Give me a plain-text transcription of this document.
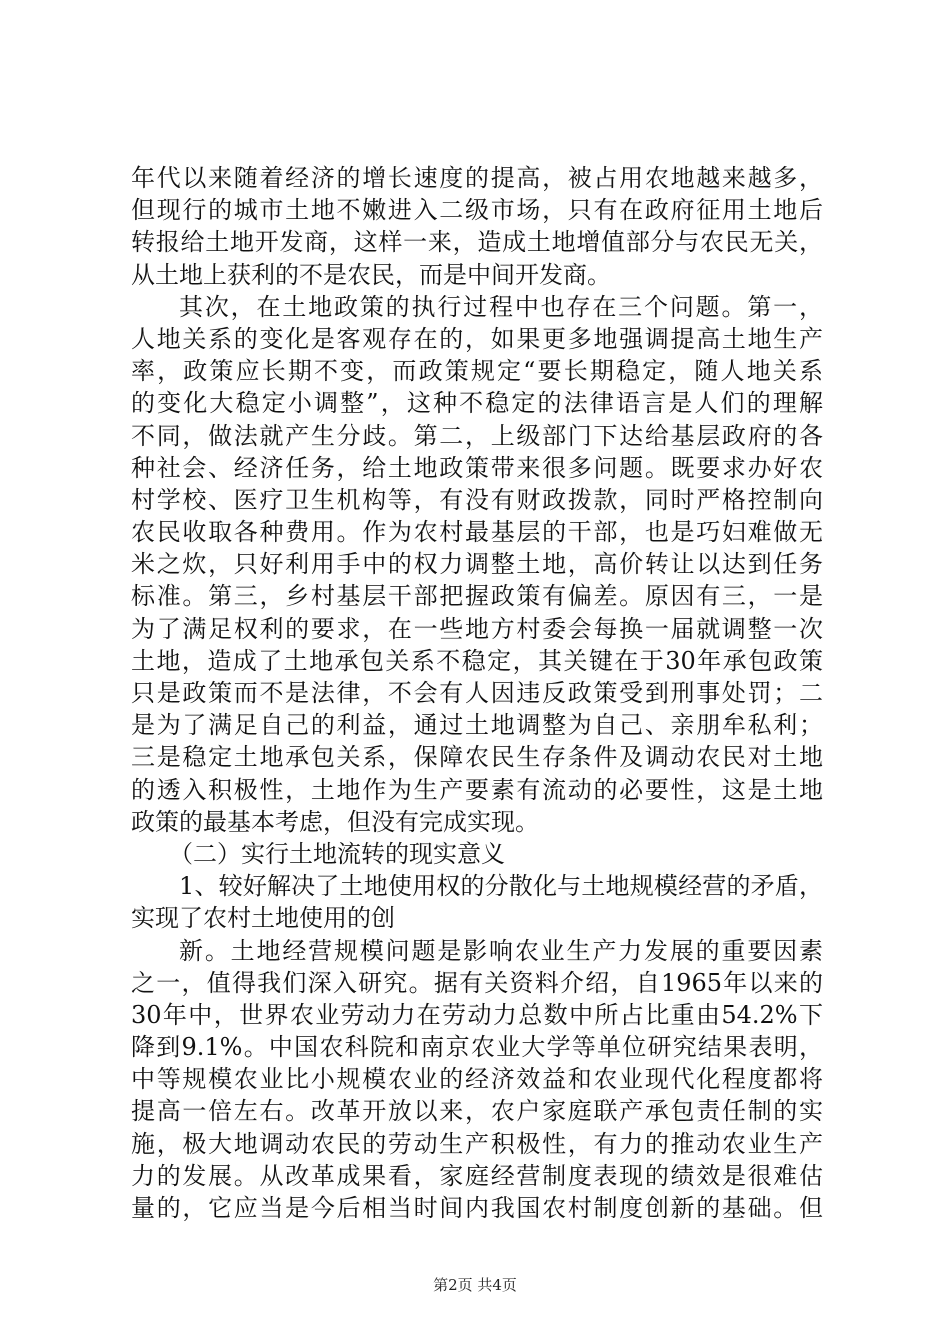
年代以来随着经济的增长速度的提高，被占用农地越来越多，
但现行的城市土地不嫩进入二级市场，只有在政府征用土地后
转报给土地开发商，这样一来，造成土地增值部分与农民无关，
从土地上获利的不是农民，而是中间开发商。
其次，在土地政策的执行过程中也存在三个问题。第一，
人地关系的变化是客观存在的，如果更多地强调提高土地生产
率，政策应长期不变，而政策规定“要长期稳定，随人地关系
的变化大稳定小调整”，这种不稳定的法律语言是人们的理解
不同，做法就产生分歧。第二，上级部门下达给基层政府的各
种社会、经济任务，给土地政策带来很多问题。既要求办好农
村学校、医疗卫生机构等，有没有财政拨款，同时严格控制向
农民收取各种费用。作为农村最基层的干部，也是巧妇难做无
米之炊，只好利用手中的权力调整土地，高价转让以达到任务
标准。第三，乡村基层干部把握政策有偏差。原因有三，一是
为了满足权利的要求，在一些地方村委会每换一届就调整一次
土地，造成了土地承包关系不稳定，其关键在于30年承包政策
只是政策而不是法律，不会有人因违反政策受到刑事处罚；二
是为了满足自己的利益，通过土地调整为自己、亲朋牟私利；
三是稳定土地承包关系，保障农民生存条件及调动农民对土地
的透入积极性，土地作为生产要素有流动的必要性，这是土地
政策的最基本考虑，但没有完成实现。
（二）实行土地流转的现实意义
1、较好解决了土地使用权的分散化与土地规模经营的矛盾，
实现了农村土地使用的创
新。土地经营规模问题是影响农业生产力发展的重要因素
之一，值得我们深入研究。据有关资料介绍，自1965年以来的
30年中，世界农业劳动力在劳动力总数中所占比重由54.2%下
降到9.1%。中国农科院和南京农业大学等单位研究结果表明，
中等规模农业比小规模农业的经济效益和农业现代化程度都将
提高一倍左右。改革开放以来，农户家庭联产承包责任制的实
施，极大地调动农民的劳动生产积极性，有力的推动农业生产
力的发展。从改革成果看，家庭经营制度表现的绩效是很难估
量的，它应当是今后相当时间内我国农村制度创新的基础。但
第2页 共4页
